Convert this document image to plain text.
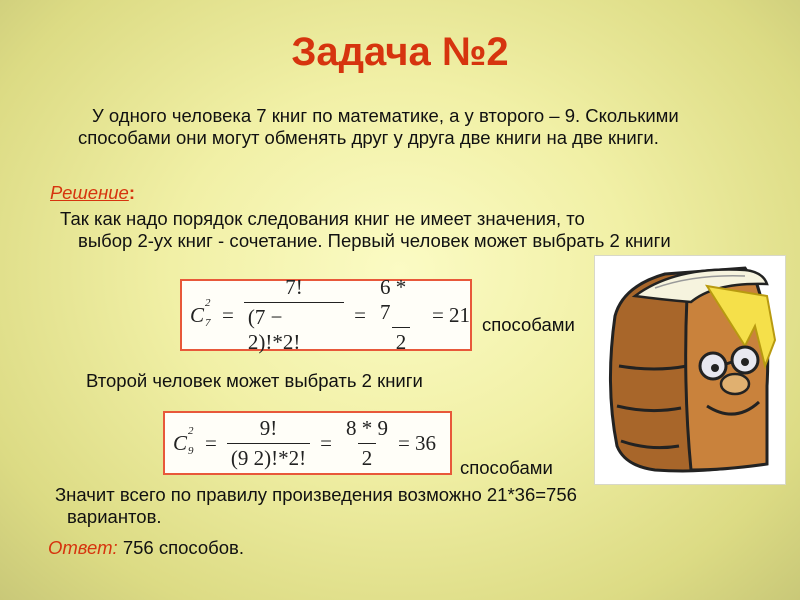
Задача №2
У одного человека 7 книг по математике, а у второго – 9. Сколькими способами они могут обменять друг у друга две книги на две книги.
Решение:
Так как надо порядок следования книг не имеет значения, то
выбор 2-ух книг - сочетание. Первый человек может выбрать 2 книги
C 2
$7 = \frac{7!}{(7 - 2)!*2!} = \frac{6 * 7}{2} = 21$ способами
Второй человек может выбрать 2 книги
C 2
$9 = \frac{9!}{(9 2)!*2!} = \frac{8 * 9}{2} = 36$
способами
Значит всего по правилу произведения возможно 21*36=756
вариантов.
Ответ: 756 способов.
